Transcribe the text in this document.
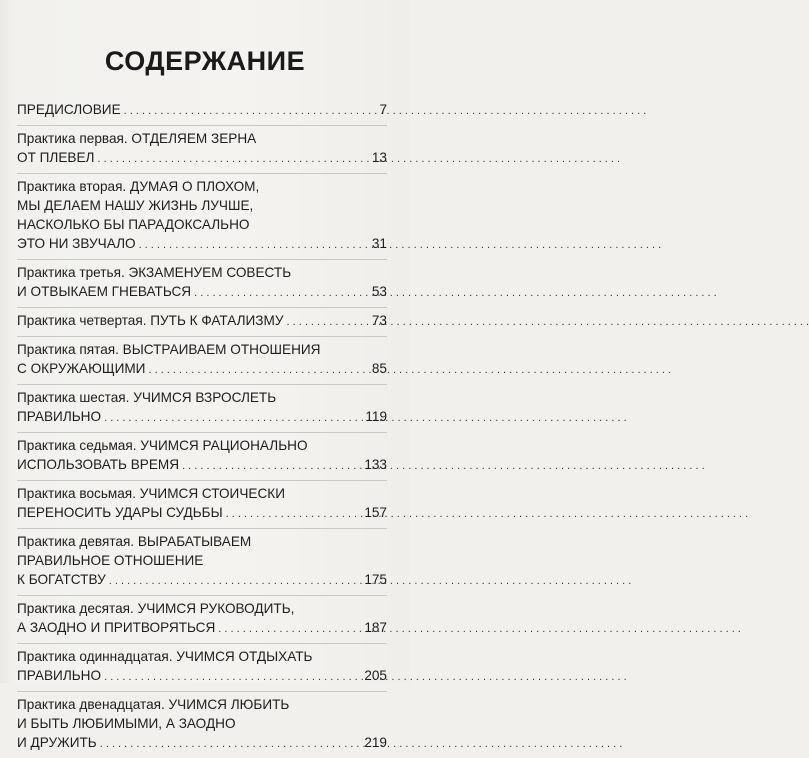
СОДЕРЖАНИЕ
ПРЕДИСЛОВИЕ . . .	7
Практика первая. ОТДЕЛЯЕМ ЗЕРНА
ОТ ПЛЕВЕЛ . . .	13
Практика вторая. ДУМАЯ О ПЛОХОМ,
МЫ ДЕЛАЕМ НАШУ ЖИЗНЬ ЛУЧШЕ,
НАСКОЛЬКО БЫ ПАРАДОКСАЛЬНО
ЭТО НИ ЗВУЧАЛО . . .	31
Практика третья. ЭКЗАМЕНУЕМ СОВЕСТЬ
И ОТВЫКАЕМ ГНЕВАТЬСЯ . . .	53
Практика четвертая. ПУТЬ К ФАТАЛИЗМУ . . .	73
Практика пятая. ВЫСТРАИВАЕМ ОТНОШЕНИЯ
С ОКРУЖАЮЩИМИ . . .	85
Практика шестая. УЧИМСЯ ВЗРОСЛЕТЬ
ПРАВИЛЬНО . . .	119
Практика седьмая. УЧИМСЯ РАЦИОНАЛЬНО
ИСПОЛЬЗОВАТЬ ВРЕМЯ . . .	133
Практика восьмая. УЧИМСЯ СТОИЧЕСКИ
ПЕРЕНОСИТЬ УДАРЫ СУДЬБЫ . . .	157
Практика девятая. ВЫРАБАТЫВАЕМ
ПРАВИЛЬНОЕ ОТНОШЕНИЕ
К БОГАТСТВУ . . .	175
Практика десятая. УЧИМСЯ РУКОВОДИТЬ,
А ЗАОДНО И ПРИТВОРЯТЬСЯ . . .	187
Практика одиннадцатая. УЧИМСЯ ОТДЫХАТЬ
ПРАВИЛЬНО . . .	205
Практика двенадцатая. УЧИМСЯ ЛЮБИТЬ
И БЫТЬ ЛЮБИМЫМИ, А ЗАОДНО
И ДРУЖИТЬ . . .	219
